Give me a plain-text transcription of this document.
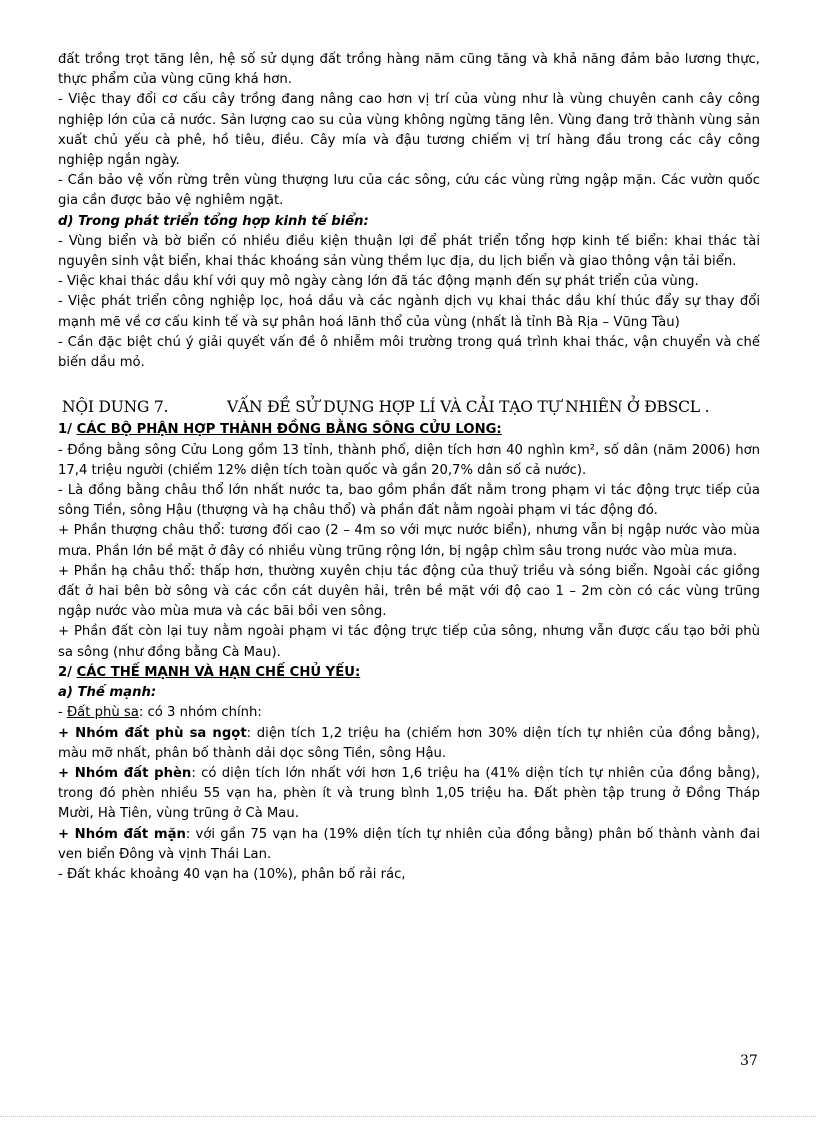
đất trồng trọt tăng lên, hệ số sử dụng đất trồng hàng năm cũng tăng và khả năng đảm bảo lương thực, thực phẩm của vùng cũng khá hơn.

- Việc thay đổi cơ cấu cây trồng đang nâng cao hơn vị trí của vùng như là vùng chuyên canh cây công nghiệp lớn của cả nước. Sản lượng cao su của vùng không ngừng tăng lên. Vùng đang trở thành vùng sản xuất chủ yếu cà phê, hồ tiêu, điều. Cây mía và đậu tương chiếm vị trí hàng đầu trong các cây công nghiệp ngắn ngày.

- Cần bảo vệ vốn rừng trên vùng thượng lưu của các sông, cứu các vùng rừng ngập mặn. Các vườn quốc gia cần được bảo vệ nghiêm ngặt.

d) Trong phát triển tổng hợp kinh tế biển:

- Vùng biển và bờ biển có nhiều điều kiện thuận lợi để phát triển tổng hợp kinh tế biển: khai thác tài nguyên sinh vật biển, khai thác khoáng sản vùng thềm lục địa, du lịch biển và giao thông vận tải biển.

- Việc khai thác dầu khí với quy mô ngày càng lớn đã tác động mạnh đến sự phát triển của vùng.

- Việc phát triển công nghiệp lọc, hoá dầu và các ngành dịch vụ khai thác dầu khí thúc đẩy sự thay đổi mạnh mẽ về cơ cấu kinh tế và sự phân hoá lãnh thổ của vùng (nhất là tỉnh Bà Rịa – Vũng Tàu)

- Cần đặc biệt chú ý giải quyết vấn đề ô nhiễm môi trường trong quá trình khai thác, vận chuyển và chế biến dầu mỏ.

NỘI DUNG 7.	VẤN ĐỀ SỬ DỤNG HỢP LÍ VÀ CẢI TẠO TỰ NHIÊN Ở ĐBSCL .

1/ CÁC BỘ PHẬN HỢP THÀNH ĐỒNG BẰNG SÔNG CỬU LONG:

- Đồng bằng sông Cửu Long gồm 13 tỉnh, thành phố, diện tích hơn 40 nghìn km², số dân (năm 2006) hơn 17,4 triệu người (chiếm 12% diện tích toàn quốc và gần 20,7% dân số cả nước).

- Là đồng bằng châu thổ lớn nhất nước ta, bao gồm phần đất nằm trong phạm vi tác động trực tiếp của sông Tiền, sông Hậu (thượng và hạ châu thổ) và phần đất nằm ngoài phạm vi tác động đó.

+ Phần thượng châu thổ: tương đối cao (2 – 4m so với mực nước biển), nhưng vẫn bị ngập nước vào mùa mưa. Phần lớn bề mặt ở đây có nhiều vùng trũng rộng lớn, bị ngập chìm sâu trong nước vào mùa mưa.

+ Phần hạ châu thổ: thấp hơn, thường xuyên chịu tác động của thuỷ triều và sóng biển. Ngoài các giồng đất ở hai bên bờ sông và các cồn cát duyên hải, trên bề mặt với độ cao 1 – 2m còn có các vùng trũng ngập nước vào mùa mưa và các bãi bồi ven sông.

+ Phần đất còn lại tuy nằm ngoài phạm vi tác động trực tiếp của sông, nhưng vẫn được cấu tạo bởi phù sa sông (như đồng bằng Cà Mau).

2/ CÁC THẾ MẠNH VÀ HẠN CHẾ CHỦ YẾU:

a) Thế mạnh:

- Đất phù sa: có 3 nhóm chính:

+ Nhóm đất phù sa ngọt: diện tích 1,2 triệu ha (chiếm hơn 30% diện tích tự nhiên của đồng bằng), màu mỡ nhất, phân bố thành dải dọc sông Tiền, sông Hậu.

+ Nhóm đất phèn: có diện tích lớn nhất với hơn 1,6 triệu ha (41% diện tích tự nhiên của đồng bằng), trong đó phèn nhiều 55 vạn ha, phèn ít và trung bình 1,05 triệu ha. Đất phèn tập trung ở Đồng Tháp Mười, Hà Tiên, vùng trũng ở Cà Mau.

+ Nhóm đất mặn: với gần 75 vạn ha (19% diện tích tự nhiên của đồng bằng) phân bố thành vành đai ven biển Đông và vịnh Thái Lan.

- Đất khác khoảng 40 vạn ha (10%), phân bố rải rác,

37
